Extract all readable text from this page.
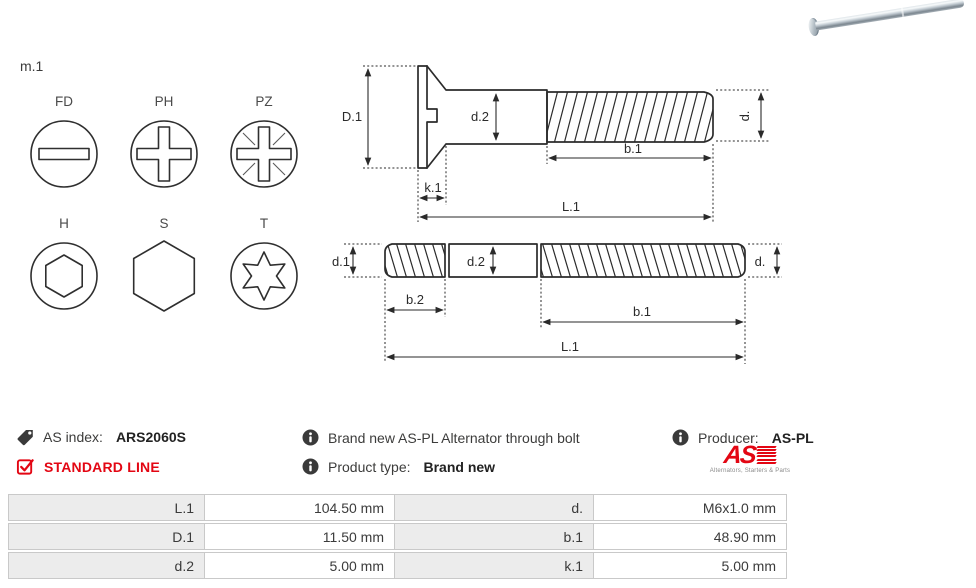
m.1
FD	PH	PZ
H	S	T
D.1	d.2	d.
b.1
k.1
L.1
d.1	d.2	d.
b.2
b.1
L.1
AS index: ARS2060S
STANDARD LINE
Brand new AS-PL Alternator through bolt
Product type: Brand new
Producer: AS-PL
AS
Alternators, Starters & Parts
L.1	104.50 mm	d.	M6x1.0 mm
D.1	11.50 mm	b.1	48.90 mm
d.2	5.00 mm	k.1	5.00 mm
